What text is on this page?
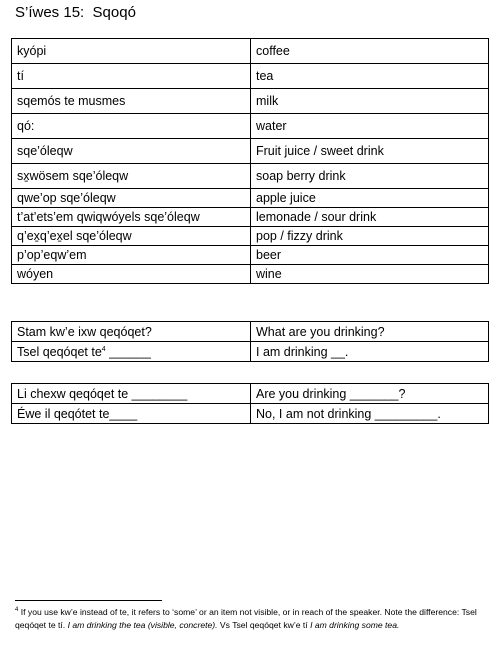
S’íwes 15:  Sqoqó
kyópi	coffee
tí	tea
sqemós te musmes	milk
qó:	water
sqe’óleqw	Fruit juice / sweet drink
sx̱wösem sqe’óleqw	soap berry drink
qwe’op sqe’óleqw	apple juice
t’at’ets’em qwiqwóyels sqe’óleqw	lemonade / sour drink
q’ex̱q’ex̱el sqe’óleqw	pop / fizzy drink
p’op’eqw’em	beer
wóyen	wine
Stam kw’e ixw qeqóqet?	What are you drinking?
Tsel qeqóqet $te^4$ ______	I am drinking __.
Li chexw qeqóqet te ________	Are you drinking _______?
Éwe il qeqótet te____	No, I am not drinking _________.
$^4$ If you use kw’e instead of te, it refers to ‘some’ or an item not visible, or in reach of the speaker. Note the difference: Tsel qeqóqet te tí. I am drinking the tea (visible, concrete). Vs Tsel qeqóqet kw’e tí I am drinking some tea.
